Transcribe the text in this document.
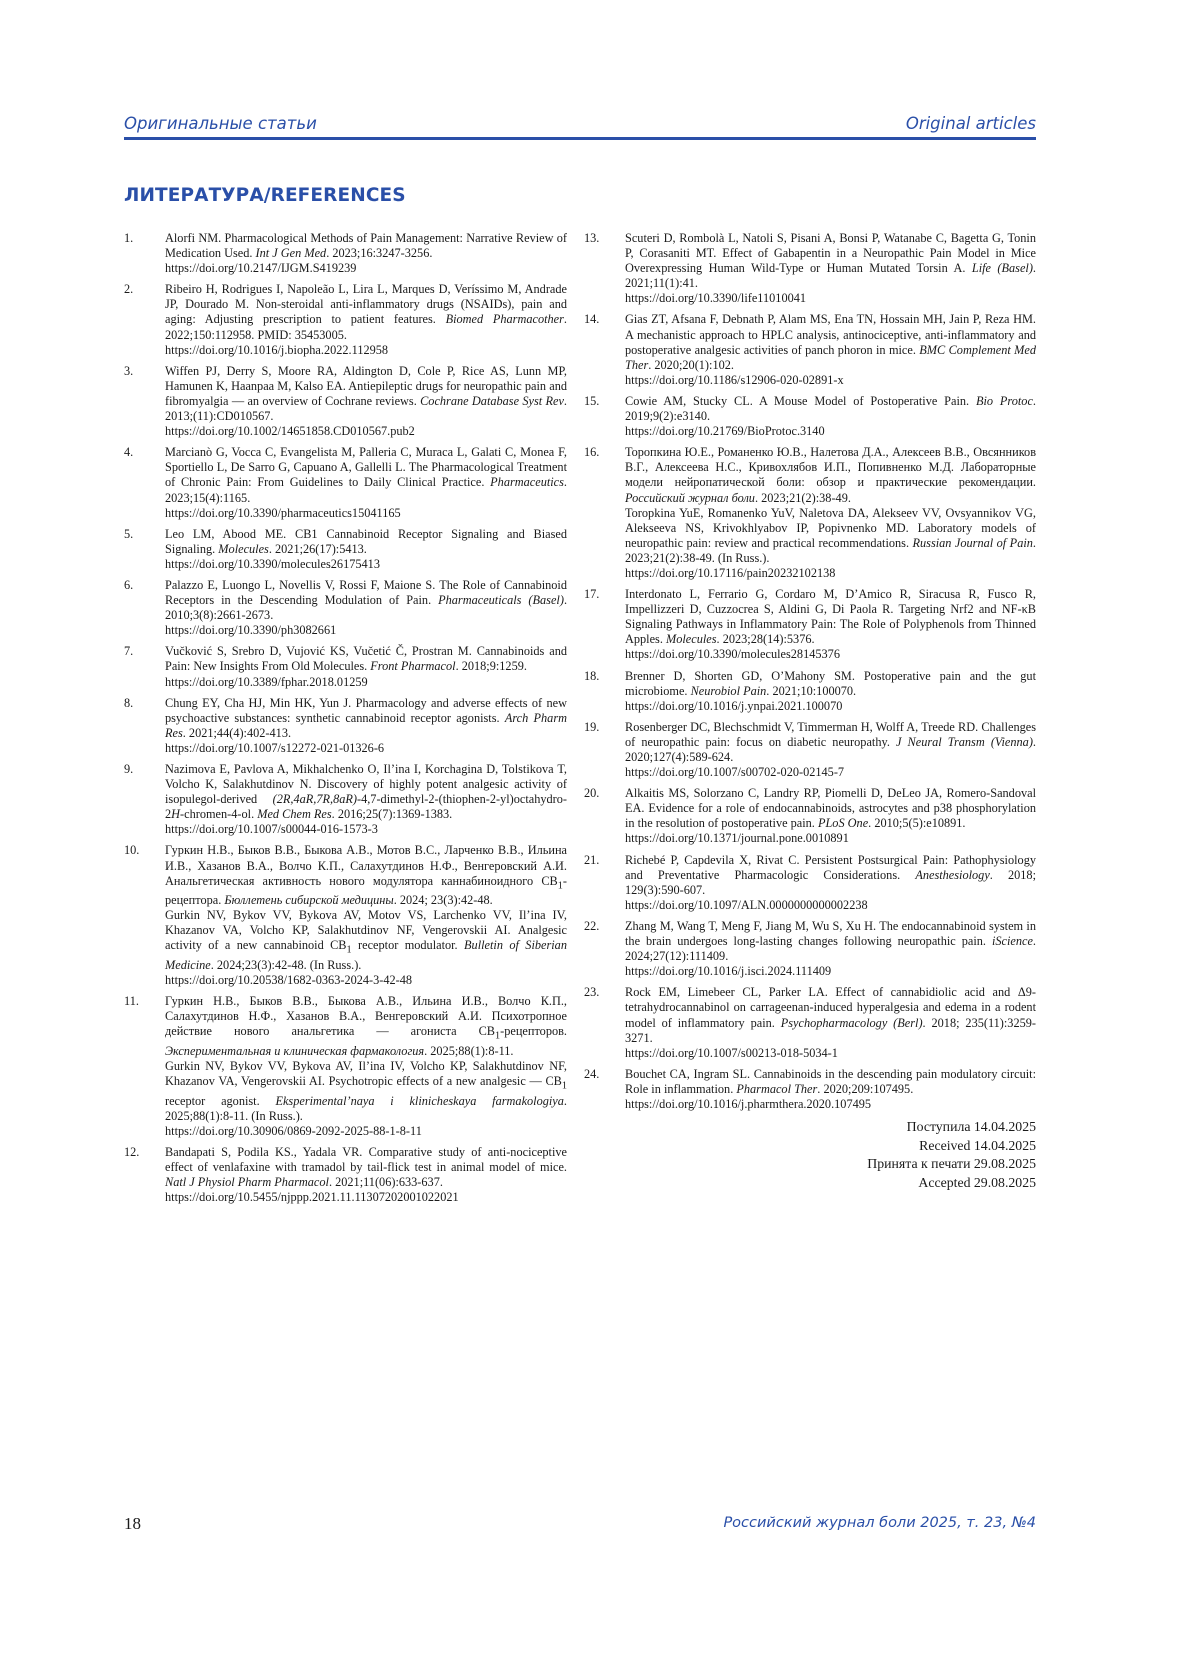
Оригинальные статьи	Original articles
ЛИТЕРАТУРА/REFERENCES
1.	Alorfi NM. Pharmacological Methods of Pain Management: Narrative Review of Medication Used. Int J Gen Med. 2023;16:3247-3256.
https://doi.org/10.2147/IJGM.S419239
2.	Ribeiro H, Rodrigues I, Napoleão L, Lira L, Marques D, Veríssimo M, Andrade JP, Dourado M. Non-steroidal anti-inflammatory drugs (NSAIDs), pain and aging: Adjusting prescription to patient features. Biomed Pharmacother. 2022;150:112958. PMID: 35453005.
https://doi.org/10.1016/j.biopha.2022.112958
3.	Wiffen PJ, Derry S, Moore RA, Aldington D, Cole P, Rice AS, Lunn MP, Hamunen K, Haanpaa M, Kalso EA. Antiepileptic drugs for neuropathic pain and fibromyalgia — an overview of Cochrane reviews. Cochrane Database Syst Rev. 2013;(11):CD010567.
https://doi.org/10.1002/14651858.CD010567.pub2
4.	Marcianò G, Vocca C, Evangelista M, Palleria C, Muraca L, Galati C, Monea F, Sportiello L, De Sarro G, Capuano A, Gallelli L. The Pharmacological Treatment of Chronic Pain: From Guidelines to Daily Clinical Practice. Pharmaceutics. 2023;15(4):1165.
https://doi.org/10.3390/pharmaceutics15041165
5.	Leo LM, Abood ME. CB1 Cannabinoid Receptor Signaling and Biased Signaling. Molecules. 2021;26(17):5413.
https://doi.org/10.3390/molecules26175413
6.	Palazzo E, Luongo L, Novellis V, Rossi F, Maione S. The Role of Cannabinoid Receptors in the Descending Modulation of Pain. Pharmaceuticals (Basel). 2010;3(8):2661-2673.
https://doi.org/10.3390/ph3082661
7.	Vučković S, Srebro D, Vujović KS, Vučetić Č, Prostran M. Cannabinoids and Pain: New Insights From Old Molecules. Front Pharmacol. 2018;9:1259.
https://doi.org/10.3389/fphar.2018.01259
8.	Chung EY, Cha HJ, Min HK, Yun J. Pharmacology and adverse effects of new psychoactive substances: synthetic cannabinoid receptor agonists. Arch Pharm Res. 2021;44(4):402-413.
https://doi.org/10.1007/s12272-021-01326-6
9.	Nazimova E, Pavlova A, Mikhalchenko O, Il’ina I, Korchagina D, Tolstikova T, Volcho K, Salakhutdinov N. Discovery of highly potent analgesic activity of isopulegol-derived (2R,4aR,7R,8aR)-4,7-dimethyl-2-(thiophen-2-yl)octahydro-2H-chromen-4-ol. Med Chem Res. 2016;25(7):1369-1383.
https://doi.org/10.1007/s00044-016-1573-3
10. Гуркин Н.В., Быков В.В., Быкова А.В., Мотов В.С., Ларченко В.В., Ильина И.В., Хазанов В.А., Волчо К.П., Салахутдинов Н.Ф., Венгеровский А.И. Анальгетическая активность нового модулятора каннабиноидного $CB_1$-рецептора. Бюллетень сибирской медицины. 2024; 23(3):42-48.
Gurkin NV, Bykov VV, Bykova AV, Motov VS, Larchenko VV, Il’ina IV, Khazanov VA, Volcho KP, Salakhutdinov NF, Vengerovskii AI. Analgesic activity of a new cannabinoid $CB_1$ receptor modulator. Bulletin of Siberian Medicine. 2024;23(3):42-48. (In Russ.).
https://doi.org/10.20538/1682-0363-2024-3-42-48
11. Гуркин Н.В., Быков В.В., Быкова А.В., Ильина И.В., Волчо К.П., Салахутдинов Н.Ф., Хазанов В.А., Венгеровский А.И. Психотропное действие нового анальгетика — агониста $CB_1$-рецепторов. Экспериментальная и клиническая фармакология. 2025;88(1):8-11.
Gurkin NV, Bykov VV, Bykova AV, Il’ina IV, Volcho KP, Salakhutdinov NF, Khazanov VA, Vengerovskii AI. Psychotropic effects of a new analgesic — $CB_1$ receptor agonist. Eksperimental’naya i klinicheskaya farmakologiya. 2025;88(1):8-11. (In Russ.).
https://doi.org/10.30906/0869-2092-2025-88-1-8-11
12. Bandapati S, Podila KS., Yadala VR. Comparative study of anti-nociceptive effect of venlafaxine with tramadol by tail-flick test in animal model of mice. Natl J Physiol Pharm Pharmacol. 2021;11(06):633-637.
https://doi.org/10.5455/njppp.2021.11.11307202001022021
13. Scuteri D, Rombolà L, Natoli S, Pisani A, Bonsi P, Watanabe C, Bagetta G, Tonin P, Corasaniti MT. Effect of Gabapentin in a Neuropathic Pain Model in Mice Overexpressing Human Wild-Type or Human Mutated Torsin A. Life (Basel). 2021;11(1):41.
https://doi.org/10.3390/life11010041
14. Gias ZT, Afsana F, Debnath P, Alam MS, Ena TN, Hossain MH, Jain P, Reza HM. A mechanistic approach to HPLC analysis, antinociceptive, anti-inflammatory and postoperative analgesic activities of panch phoron in mice. BMC Complement Med Ther. 2020;20(1):102.
https://doi.org/10.1186/s12906-020-02891-x
15. Cowie AM, Stucky CL. A Mouse Model of Postoperative Pain. Bio Protoc. 2019;9(2):e3140.
https://doi.org/10.21769/BioProtoc.3140
16. Торопкина Ю.Е., Романенко Ю.В., Налетова Д.А., Алексеев В.В., Овсянников В.Г., Алексеева Н.С., Кривохлябов И.П., Попивненко М.Д. Лабораторные модели нейропатической боли: обзор и практические рекомендации. Российский журнал боли. 2023;21(2):38-49.
Toropkina YuE, Romanenko YuV, Naletova DA, Alekseev VV, Ovsyannikov VG, Alekseeva NS, Krivokhlyabov IP, Popivnenko MD. Laboratory models of neuropathic pain: review and practical recommendations. Russian Journal of Pain. 2023;21(2):38-49. (In Russ.).
https://doi.org/10.17116/pain20232102138
17. Interdonato L, Ferrario G, Cordaro M, D’Amico R, Siracusa R, Fusco R, Impellizzeri D, Cuzzocrea S, Aldini G, Di Paola R. Targeting Nrf2 and NF-κB Signaling Pathways in Inflammatory Pain: The Role of Polyphenols from Thinned Apples. Molecules. 2023;28(14):5376.
https://doi.org/10.3390/molecules28145376
18. Brenner D, Shorten GD, O’Mahony SM. Postoperative pain and the gut microbiome. Neurobiol Pain. 2021;10:100070.
https://doi.org/10.1016/j.ynpai.2021.100070
19. Rosenberger DC, Blechschmidt V, Timmerman H, Wolff A, Treede RD. Challenges of neuropathic pain: focus on diabetic neuropathy. J Neural Transm (Vienna). 2020;127(4):589-624.
https://doi.org/10.1007/s00702-020-02145-7
20. Alkaitis MS, Solorzano C, Landry RP, Piomelli D, DeLeo JA, Romero-Sandoval EA. Evidence for a role of endocannabinoids, astrocytes and p38 phosphorylation in the resolution of postoperative pain. PLoS One. 2010;5(5):e10891.
https://doi.org/10.1371/journal.pone.0010891
21. Richebé P, Capdevila X, Rivat C. Persistent Postsurgical Pain: Pathophysiology and Preventative Pharmacologic Considerations. Anesthesiology. 2018; 129(3):590-607.
https://doi.org/10.1097/ALN.0000000000002238
22. Zhang M, Wang T, Meng F, Jiang M, Wu S, Xu H. The endocannabinoid system in the brain undergoes long-lasting changes following neuropathic pain. iScience. 2024;27(12):111409.
https://doi.org/10.1016/j.isci.2024.111409
23. Rock EM, Limebeer CL, Parker LA. Effect of cannabidiolic acid and Δ9-tetrahydrocannabinol on carrageenan-induced hyperalgesia and edema in a rodent model of inflammatory pain. Psychopharmacology (Berl). 2018; 235(11):3259-3271.
https://doi.org/10.1007/s00213-018-5034-1
24. Bouchet CA, Ingram SL. Cannabinoids in the descending pain modulatory circuit: Role in inflammation. Pharmacol Ther. 2020;209:107495.
https://doi.org/10.1016/j.pharmthera.2020.107495
Поступила 14.04.2025
Received 14.04.2025
Принята к печати 29.08.2025
Accepted 29.08.2025
18	Российский журнал боли 2025, т. 23, №4
